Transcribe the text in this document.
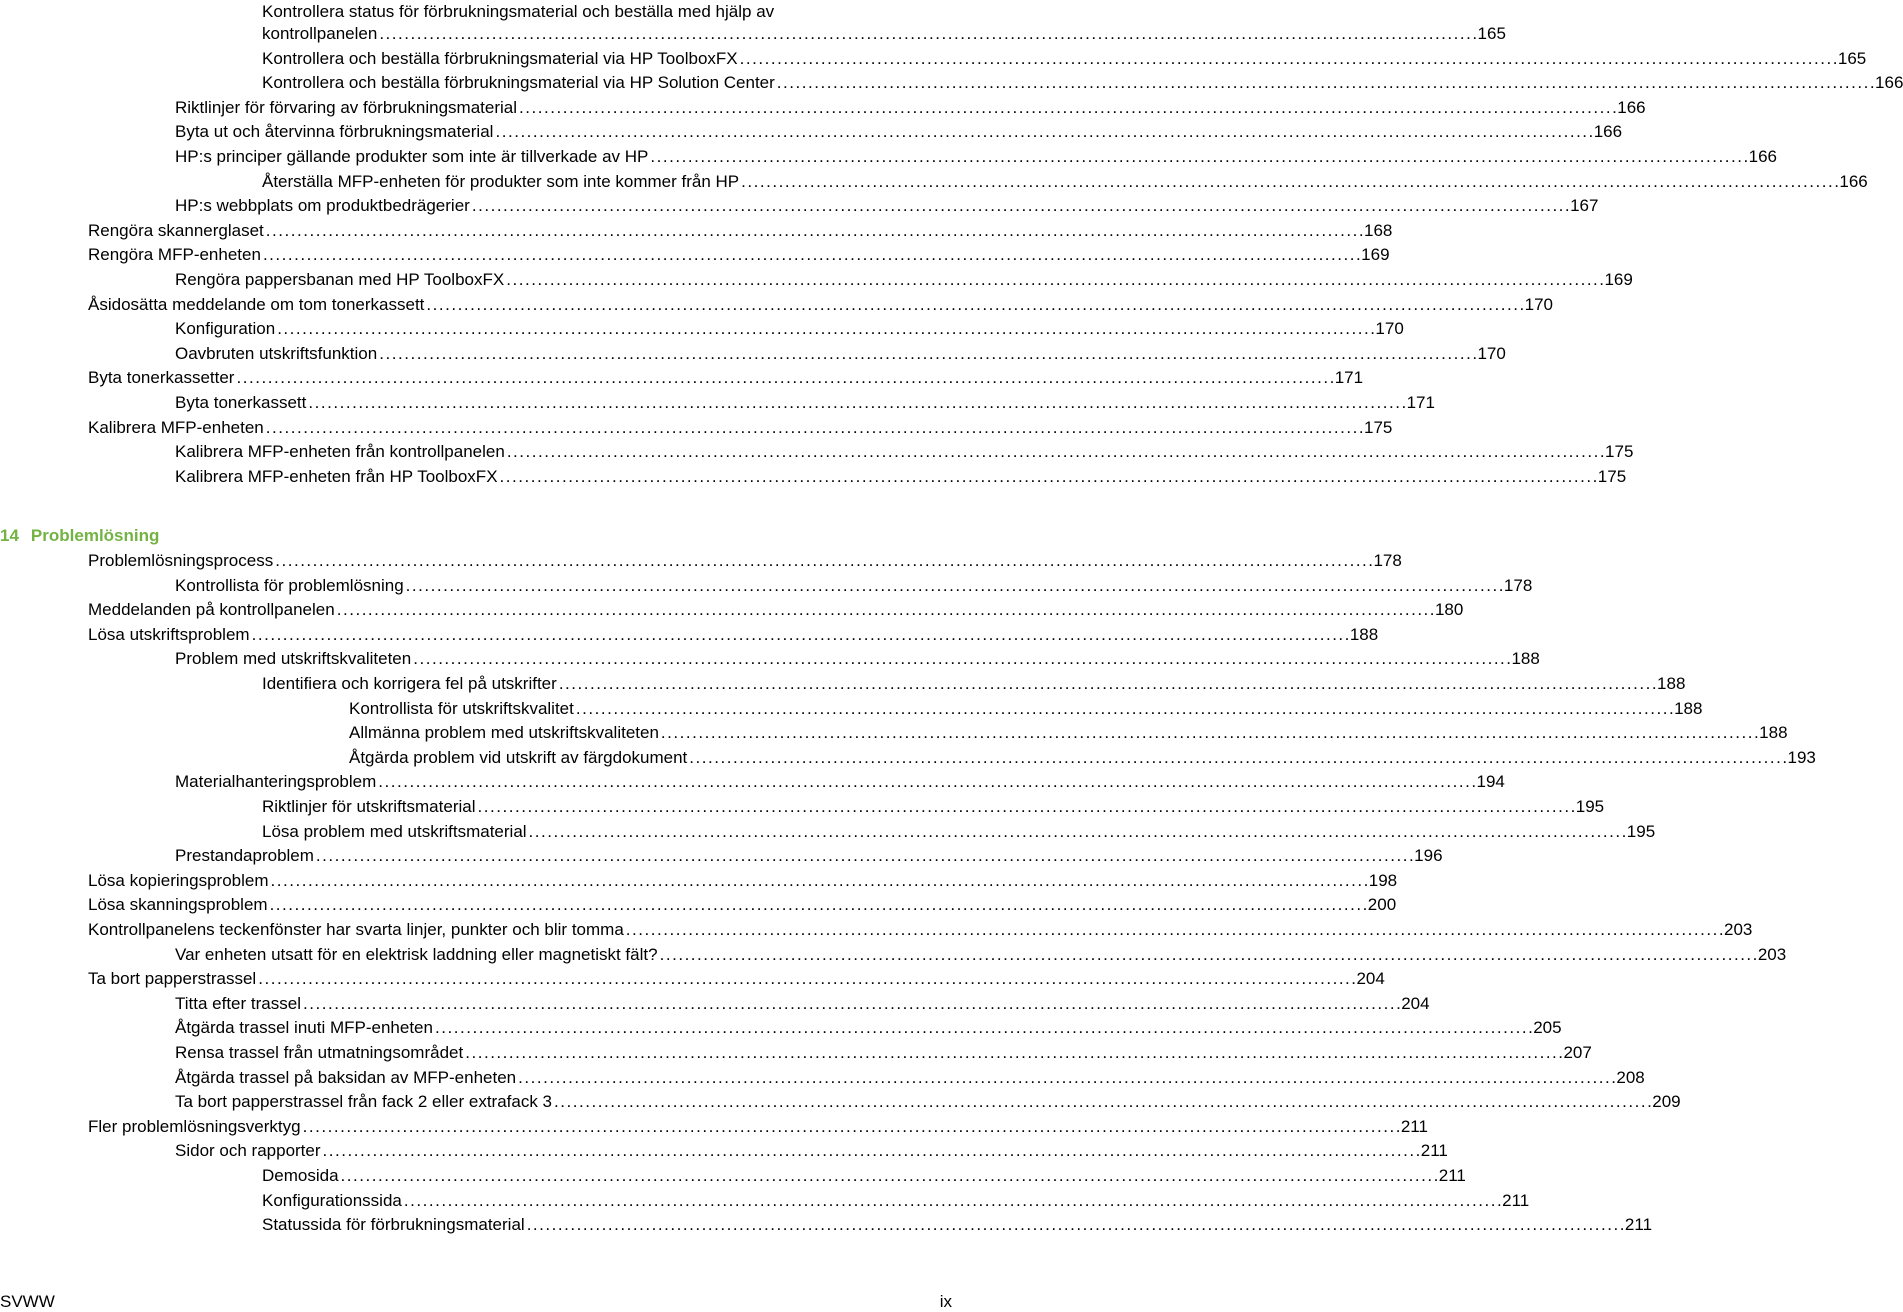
Kontrollera status för förbrukningsmaterial och beställa med hjälp av
kontrollpanelen . . .	165
Kontrollera och beställa förbrukningsmaterial via HP ToolboxFX . . .	165
Kontrollera och beställa förbrukningsmaterial via HP Solution Center . . .	166
Riktlinjer för förvaring av förbrukningsmaterial . . .	166
Byta ut och återvinna förbrukningsmaterial . . .	166
HP:s principer gällande produkter som inte är tillverkade av HP . . .	166
Återställa MFP-enheten för produkter som inte kommer från HP . . .	166
HP:s webbplats om produktbedrägerier . . .	167
Rengöra skannerglaset . . .	168
Rengöra MFP-enheten . . .	169
Rengöra pappersbanan med HP ToolboxFX . . .	169
Åsidosätta meddelande om tom tonerkassett . . .	170
Konfiguration . . .	170
Oavbruten utskriftsfunktion . . .	170
Byta tonerkassetter . . .	171
Byta tonerkassett . . .	171
Kalibrera MFP-enheten . . .	175
Kalibrera MFP-enheten från kontrollpanelen . . .	175
Kalibrera MFP-enheten från HP ToolboxFX . . .	175
14 Problemlösning
Problemlösningsprocess . . .	178
Kontrollista för problemlösning . . .	178
Meddelanden på kontrollpanelen . . .	180
Lösa utskriftsproblem . . .	188
Problem med utskriftskvaliteten . . .	188
Identifiera och korrigera fel på utskrifter . . .	188
Kontrollista för utskriftskvalitet . . .	188
Allmänna problem med utskriftskvaliteten . . .	188
Åtgärda problem vid utskrift av färgdokument . . .	193
Materialhanteringsproblem . . .	194
Riktlinjer för utskriftsmaterial . . .	195
Lösa problem med utskriftsmaterial . . .	195
Prestandaproblem . . .	196
Lösa kopieringsproblem . . .	198
Lösa skanningsproblem . . .	200
Kontrollpanelens teckenfönster har svarta linjer, punkter och blir tomma . . .	203
Var enheten utsatt för en elektrisk laddning eller magnetiskt fält? . . .	203
Ta bort papperstrassel . . .	204
Titta efter trassel . . .	204
Åtgärda trassel inuti MFP-enheten . . .	205
Rensa trassel från utmatningsområdet . . .	207
Åtgärda trassel på baksidan av MFP-enheten . . .	208
Ta bort papperstrassel från fack 2 eller extrafack 3 . . .	209
Fler problemlösningsverktyg . . .	211
Sidor och rapporter . . .	211
Demosida . . .	211
Konfigurationssida . . .	211
Statussida för förbrukningsmaterial . . .	211
SVWW	ix
